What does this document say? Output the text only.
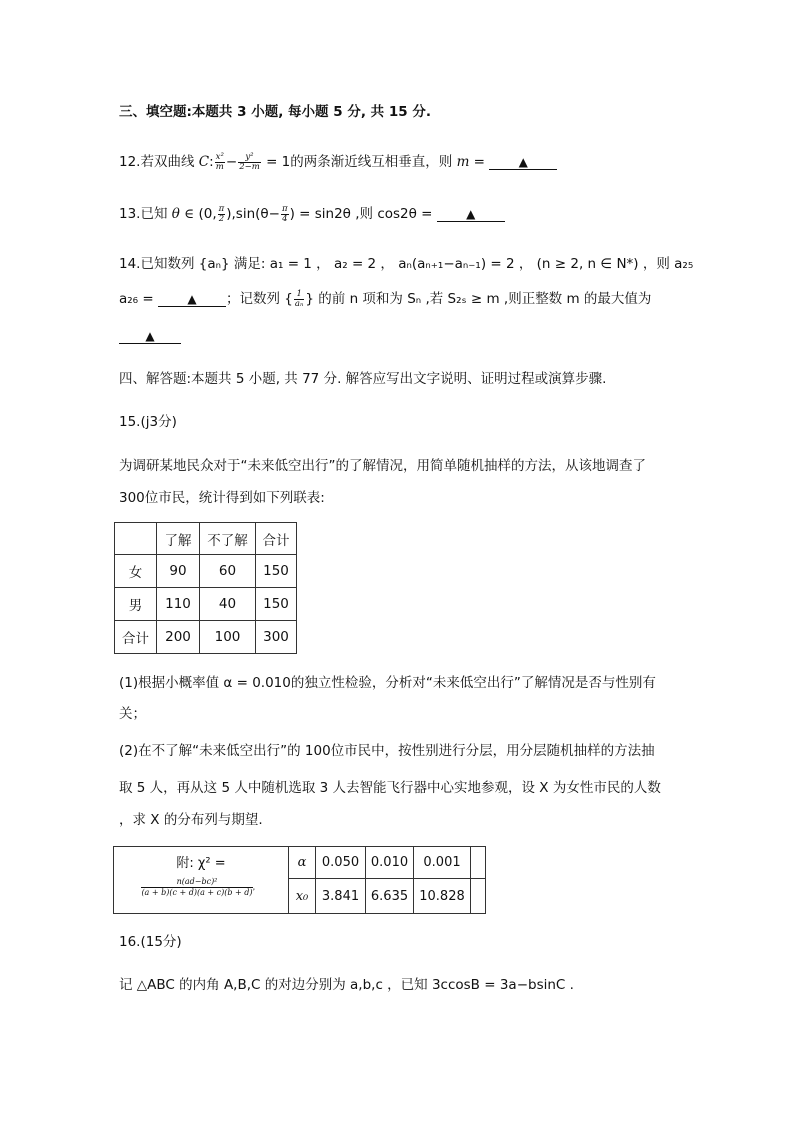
三、填空题:本题共 3 小题, 每小题 5 分, 共 15 分.
12.若双曲线 C: $\frac{\text{x²}}{m} - \frac{\text{y²}}{2-m} = 1$的两条渐近线互相垂直，则 m = ▲
13.已知 θ ∈ (0, $\frac{\pi}{2} ),\sin(\theta- \frac{\pi}{4}$ ) = sin2θ ,则 cos2θ = ▲
14.已知数列 {aₙ} 满足: a₁ = 1 ， a₂ = 2 ， aₙ(aₙ₊₁−aₙ₋₁) = 2 ， (n ≥ 2, n ∈ N*) ，则 a₂₅
a₂₆ = ▲ ；记数列 { $\frac{1}{\text{aₙ}}$ } 的前 n 项和为 Sₙ ,若 S₂ₛ ≥ m ,则正整数 m 的最大值为
▲
四、解答题:本题共 5 小题, 共 77 分. 解答应写出文字说明、证明过程或演算步骤.
15.(j3分)
为调研某地民众对于“未来低空出行”的了解情况，用简单随机抽样的方法，从该地调查了
300位市民，统计得到如下列联表:
	了解	不了解	合计
女	90	60	150
男	110	40	150
合计	200	100	300
(1)根据小概率值 α = 0.010的独立性检验，分析对“未来低空出行”了解情况是否与性别有
关；
(2)在不了解“未来低空出行”的 100位市民中，按性别进行分层，用分层随机抽样的方法抽
取 5 人，再从这 5 人中随机选取 3 人去智能飞行器中心实地参观，设 X 为女性市民的人数
，求 X 的分布列与期望.
附: χ² =
$\frac{\text{n(ad−bc)²}}{(a + b)(c + d)(a + c)(b + d)}$ ，	α	0.050	0.010	0.001	
	x₀	3.841	6.635	10.828	
16.(15分)
记 △ABC 的内角 A,B,C 的对边分别为 a,b,c ，已知 3ccosB = 3a−bsinC .
